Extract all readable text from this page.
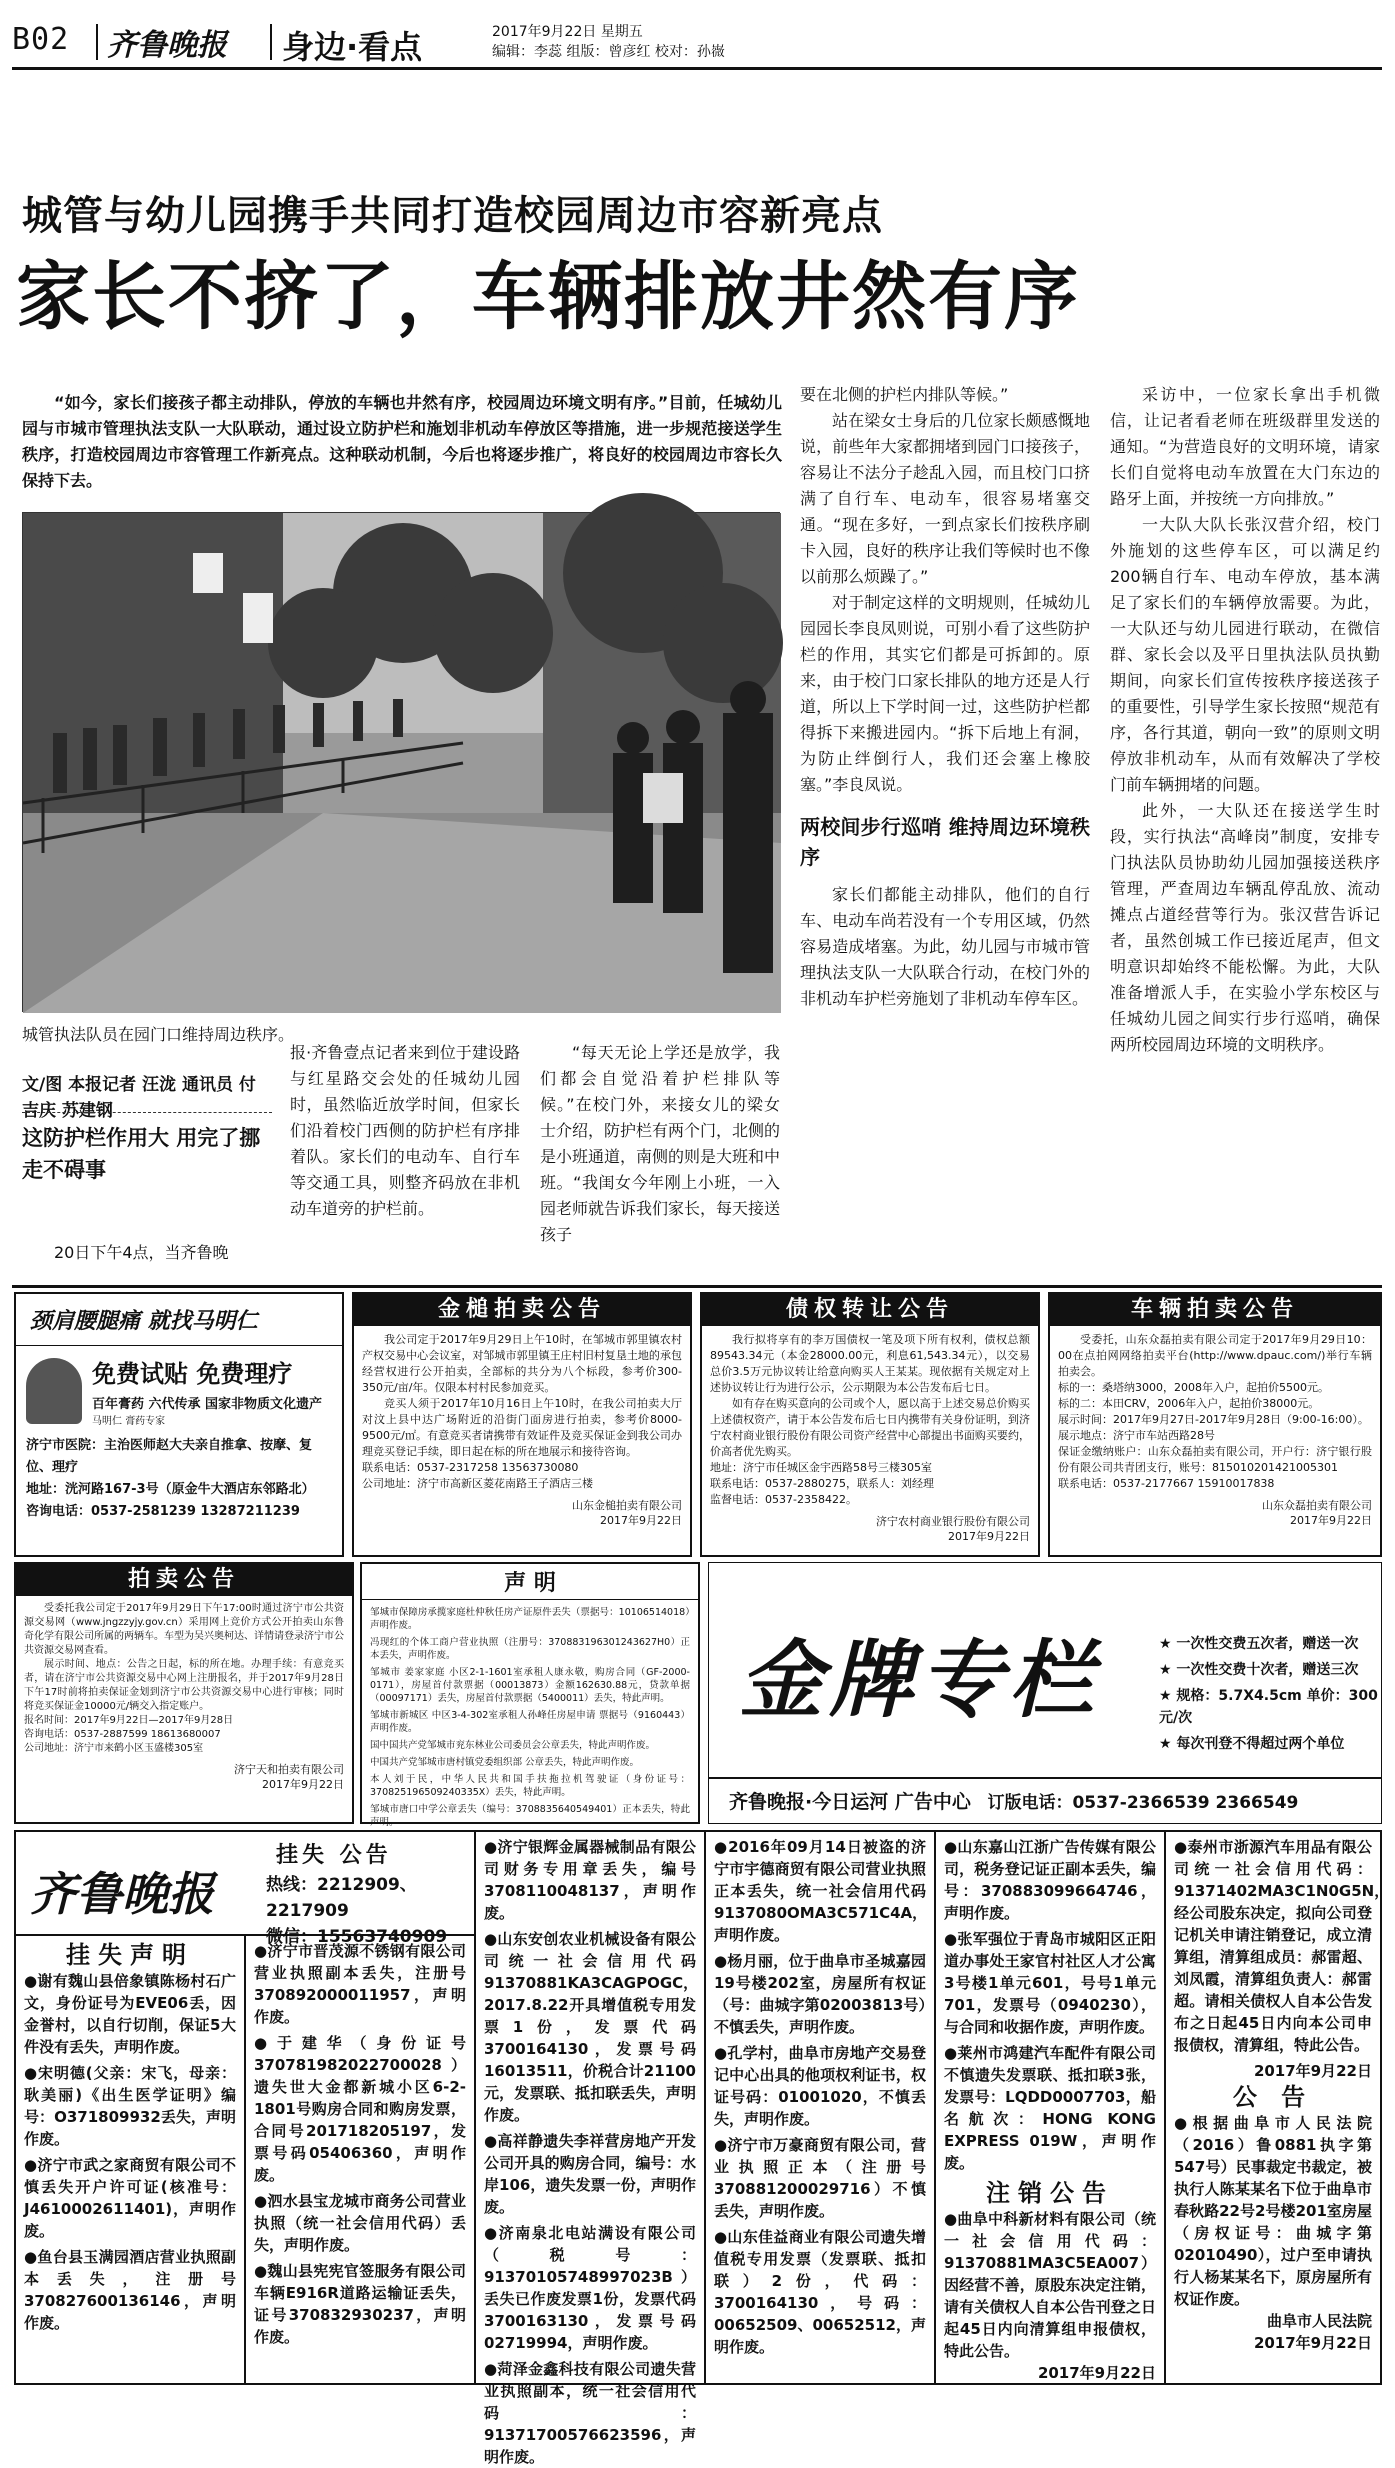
B02 齐鲁晚报 身边·看点	2017年9月22日 星期五
编辑：李蕊 组版：曾彦红 校对：孙嶶
城管与幼儿园携手共同打造校园周边市容新亮点
家长不挤了，车辆排放井然有序
“如今，家长们接孩子都主动排队，停放的车辆也井然有序，校园周边环境文明有序。”目前，任城幼儿园与市城市管理执法支队一大队联动，通过设立防护栏和施划非机动车停放区等措施，进一步规范接送学生秩序，打造校园周边市容管理工作新亮点。这种联动机制，今后也将逐步推广，将良好的校园周边市容长久保持下去。
城管执法队员在园门口维持周边秩序。
文/图 本报记者 汪泷 通讯员 付吉庆 苏建钢
这防护栏作用大 用完了挪走不碍事

20日下午4点，当齐鲁晚

报·齐鲁壹点记者来到位于建设路与红星路交会处的任城幼儿园时，虽然临近放学时间，但家长们沿着校门西侧的防护栏有序排着队。家长们的电动车、自行车等交通工具，则整齐码放在非机动车道旁的护栏前。

“每天无论上学还是放学，我们都会自觉沿着护栏排队等候。”在校门外，来接女儿的梁女士介绍，防护栏有两个门，北侧的是小班通道，南侧的则是大班和中班。“我闺女今年刚上小班，一入园老师就告诉我们家长，每天接送孩子

要在北侧的护栏内排队等候。”

站在梁女士身后的几位家长颇感慨地说，前些年大家都拥堵到园门口接孩子，容易让不法分子趁乱入园，而且校门口挤满了自行车、电动车，很容易堵塞交通。“现在多好，一到点家长们按秩序刷卡入园，良好的秩序让我们等候时也不像以前那么烦躁了。”

对于制定这样的文明规则，任城幼儿园园长李良凤则说，可别小看了这些防护栏的作用，其实它们都是可拆卸的。原来，由于校门口家长排队的地方还是人行道，所以上下学时间一过，这些防护栏都得拆下来搬进园内。“拆下后地上有洞，为防止绊倒行人，我们还会塞上橡胶塞。”李良凤说。

两校间步行巡哨 维持周边环境秩序

家长们都能主动排队，他们的自行车、电动车尚若没有一个专用区域，仍然容易造成堵塞。为此，幼儿园与市城市管理执法支队一大队联合行动，在校门外的非机动车护栏旁施划了非机动车停车区。

采访中，一位家长拿出手机微信，让记者看老师在班级群里发送的通知。“为营造良好的文明环境，请家长们自觉将电动车放置在大门东边的路牙上面，并按统一方向排放。”

一大队大队长张汉营介绍，校门外施划的这些停车区，可以满足约200辆自行车、电动车停放，基本满足了家长们的车辆停放需要。为此，一大队还与幼儿园进行联动，在微信群、家长会以及平日里执法队员执勤期间，向家长们宣传按秩序接送孩子的重要性，引导学生家长按照“规范有序，各行其道，朝向一致”的原则文明停放非机动车，从而有效解决了学校门前车辆拥堵的问题。

此外，一大队还在接送学生时段，实行执法“高峰岗”制度，安排专门执法队员协助幼儿园加强接送秩序管理，严查周边车辆乱停乱放、流动摊点占道经营等行为。张汉营告诉记者，虽然创城工作已接近尾声，但文明意识却始终不能松懈。为此，大队准备增派人手，在实验小学东校区与任城幼儿园之间实行步行巡哨，确保两所校园周边环境的文明秩序。

颈肩腰腿痛 就找马明仁
免费试贴 免费理疗
百年膏药 六代传承 国家非物质文化遗产
马明仁 膏药专家
济宁市医院：主治医师赵大夫亲自推拿、按摩、复位、理疗
地址：洸河路167-3号（原金牛大酒店东邻路北）
咨询电话：0537-2581239 13287211239
金槌拍卖公告

我公司定于2017年9月29日上午10时，在邹城市郭里镇农村产权交易中心会议室，对邹城市郭里镇王庄村旧村复垦土地的承包经营权进行公开拍卖，全部标的共分为八个标段，参考价300-350元/亩/年。仅限本村村民参加竞买。

竞买人须于2017年10月16日上午10时，在我公司拍卖大厅对汶上县中达广场附近的沿街门面房进行拍卖，参考价8000-9500元/㎡。有意竞买者请携带有效证件及竞买保证金到我公司办理竞买登记手续，即日起在标的所在地展示和接待咨询。

联系电话：0537-2317258 13563730080
公司地址：济宁市高新区菱花南路王子酒店三楼
山东金槌拍卖有限公司
2017年9月22日
债权转让公告

我行拟将享有的李万国债权一笔及项下所有权利，债权总额89543.34元（本金28000.00元，利息61,543.34元），以交易总价3.5万元协议转让给意向购买人王某某。现依据有关规定对上述协议转让行为进行公示，公示期限为本公告发布后七日。

如有存在购买意向的公司或个人，愿以高于上述交易总价购买上述债权资产，请于本公告发布后七日内携带有关身份证明，到济宁农村商业银行股份有限公司资产经营中心部提出书面购买要约，价高者优先购买。

地址：济宁市任城区金宇西路58号三楼305室
联系电话：0537-2880275，联系人：刘经理
监督电话：0537-2358422。
济宁农村商业银行股份有限公司
2017年9月22日
车辆拍卖公告

受委托，山东众磊拍卖有限公司定于2017年9月29日10：00在点拍网网络拍卖平台(http://www.dpauc.com/)举行车辆拍卖会。

标的一：桑塔纳3000，2008年入户，起拍价5500元。
标的二：本田CRV，2006年入户，起拍价38000元。
展示时间：2017年9月27日-2017年9月28日（9:00-16:00）。
展示地点：济宁市车站西路28号
保证金缴纳账户：山东众磊拍卖有限公司，开户行：济宁银行股份有限公司共青团支行，账号：815010201421005301
联系电话：0537-2177667 15910017838
山东众磊拍卖有限公司
2017年9月22日
拍卖公告

受委托我公司定于2017年9月29日下午17:00时通过济宁市公共资源交易网（www.jngzzyjy.gov.cn）采用网上竞价方式公开拍卖山东鲁奇化学有限公司所属的两辆车。车型为吴兴奥柯达、详情请登录济宁市公共资源交易网查看。

展示时间、地点：公告之日起，标的所在地。办理手续：有意竞买者，请在济宁市公共资源交易中心网上注册报名，并于2017年9月28日下午17时前将拍卖保证金划到济宁市公共资源交易中心进行审核；同时将竞买保证金10000元/辆交入指定账户。

报名时间：2017年9月22日—2017年9月28日
咨询电话：0537-2887599 18613680007
公司地址：济宁市来鹤小区玉盛楼305室
济宁天和拍卖有限公司
2017年9月22日
声 明
邹城市保障房承揽家庭杜仲秋任房产证原件丢失（票据号：10106514018）声明作废。
冯现红的个体工商户营业执照（注册号：370883196301243627H0）正本丢失，声明作废。
邹城市 姜家家庭 小区2-1-1601室承租人康永敬，购房合同（GF-2000-0171），房屋首付款票据（00013873）金额162630.88元，贷款单据（00097171）丢失，房屋首付款票据（5400011）丢失，特此声明。
邹城市新城区 中区3-4-302室承租人孙峰任房屋申请 票据号（9160443）声明作废。
国中国共产党邹城市兖东林业公司委员会公章丢失，特此声明作废。
中国共产党邹城市唐村镇党委组织部 公章丢失，特此声明作废。
本人刘于民，中华人民共和国手扶拖拉机驾驶证（身份证号：370825196509240335X）丢失，特此声明。
邹城市唐口中学公章丢失（编号：3708835640549401）正本丢失，特此声明。
金牌专栏	★ 一次性交费五次者，赠送一次
★ 一次性交费十次者，赠送三次
★ 规格：5.7X4.5cm 单价：300元/次
★ 每次刊登不得超过两个单位
齐鲁晚报·今日运河 广告中心 订版电话：0537-2366539 2366549
齐鲁晚报
挂失 公告
热线：2212909、2217909
微信：15563740909
挂失声明
●谢有魏山县倍象镇陈杨村石广文，身份证号为EVE06丢，因金誉村，以自行切削，保证5大件没有丢失，声明作废。
●宋明德(父亲：宋飞，母亲：耿美丽)《出生医学证明》编号：O371809932丢失，声明作废。
●济宁市武之家商贸有限公司不慎丢失开户许可证(核准号：J4610002611401)，声明作废。
●鱼台县玉满园酒店营业执照副本丢失，注册号370827600136146，声明作废。
●济宁市晋茂源不锈钢有限公司营业执照副本丢失，注册号370892000011957，声明作废。
●于建华（身份证号370781982022700028）遗失世大金都新城小区6-2-1801号购房合同和购房发票，合同号201718205197，发票号码05406360，声明作废。
●泗水县宝龙城市商务公司营业执照（统一社会信用代码）丢失，声明作废。
●魏山县宪宪官签服务有限公司车辆E916R道路运输证丢失，证号370832930237，声明作废。
●济宁银辉金属器械制品有限公司财务专用章丢失，编号3708110048137，声明作废。
●山东安创农业机械设备有限公司统一社会信用代码91370881KA3CAGPOGC，2017.8.22开具增值税专用发票1份，发票代码3700164130，发票号码16013511，价税合计21100元，发票联、抵扣联丢失，声明作废。
●高祥静遗失李祥营房地产开发公司开具的购房合同，编号：水岸106，遗失发票一份，声明作废。
●济南泉北电站满设有限公司（税号：91370105748997023B）丢失已作废发票1份，发票代码3700163130，发票号码02719994，声明作废。
●菏泽金鑫科技有限公司遗失营业执照副本，统一社会信用代码：91371700576623596，声明作废。
●2016年09月14日被盗的济宁市宇德商贸有限公司营业执照正本丢失，统一社会信用代码9137080OMA3C571C4A，声明作废。
●杨月丽，位于曲阜市圣城嘉园19号楼202室，房屋所有权证（号：曲城字第02003813号）不慎丢失，声明作废。
●孔学村，曲阜市房地产交易登记中心出具的他项权利证书，权证号码：01001020，不慎丢失，声明作废。
●济宁市万豪商贸有限公司，营业执照正本（注册号370881200029716）不慎丢失，声明作废。
●山东佳益商业有限公司遗失增值税专用发票（发票联、抵扣联）2份，代码：3700164130，号码：00652509、00652512，声明作废。
●山东嘉山江浙广告传媒有限公司，税务登记证正副本丢失，编号：370883099664746，声明作废。
●张军强位于青岛市城阳区正阳道办事处王家官村社区人才公寓3号楼1单元601，号号1单元701，发票号（0940230），与合同和收据作废，声明作废。
●莱州市鸿建汽车配件有限公司不慎遗失发票联、抵扣联3张，发票号：LQDD0007703，船名航次：HONG KONG EXPRESS 019W，声明作废。
注销公告
●曲阜中科新材料有限公司（统一社会信用代码：91370881MA3C5EA007）因经营不善，原股东决定注销，请有关债权人自本公告刊登之日起45日内向清算组申报债权，特此公告。
2017年9月22日
●泰州市浙源汽车用品有限公司统一社会信用代码：91371402MA3C1N0G5N，经公司股东决定，拟向公司登记机关申请注销登记，成立清算组，清算组成员：郝雷超、刘凤霞，清算组负责人：郝雷超。请相关债权人自本公告发布之日起45日内向本公司申报债权，清算组，特此公告。
2017年9月22日
公 告
●根据曲阜市人民法院（2016）鲁0881执字第547号）民事裁定书裁定，被执行人陈某某名下位于曲阜市春秋路22号2号楼201室房屋（房权证号：曲城字第02010490），过户至申请执行人杨某某名下，原房屋所有权证作废。
曲阜市人民法院
2017年9月22日
